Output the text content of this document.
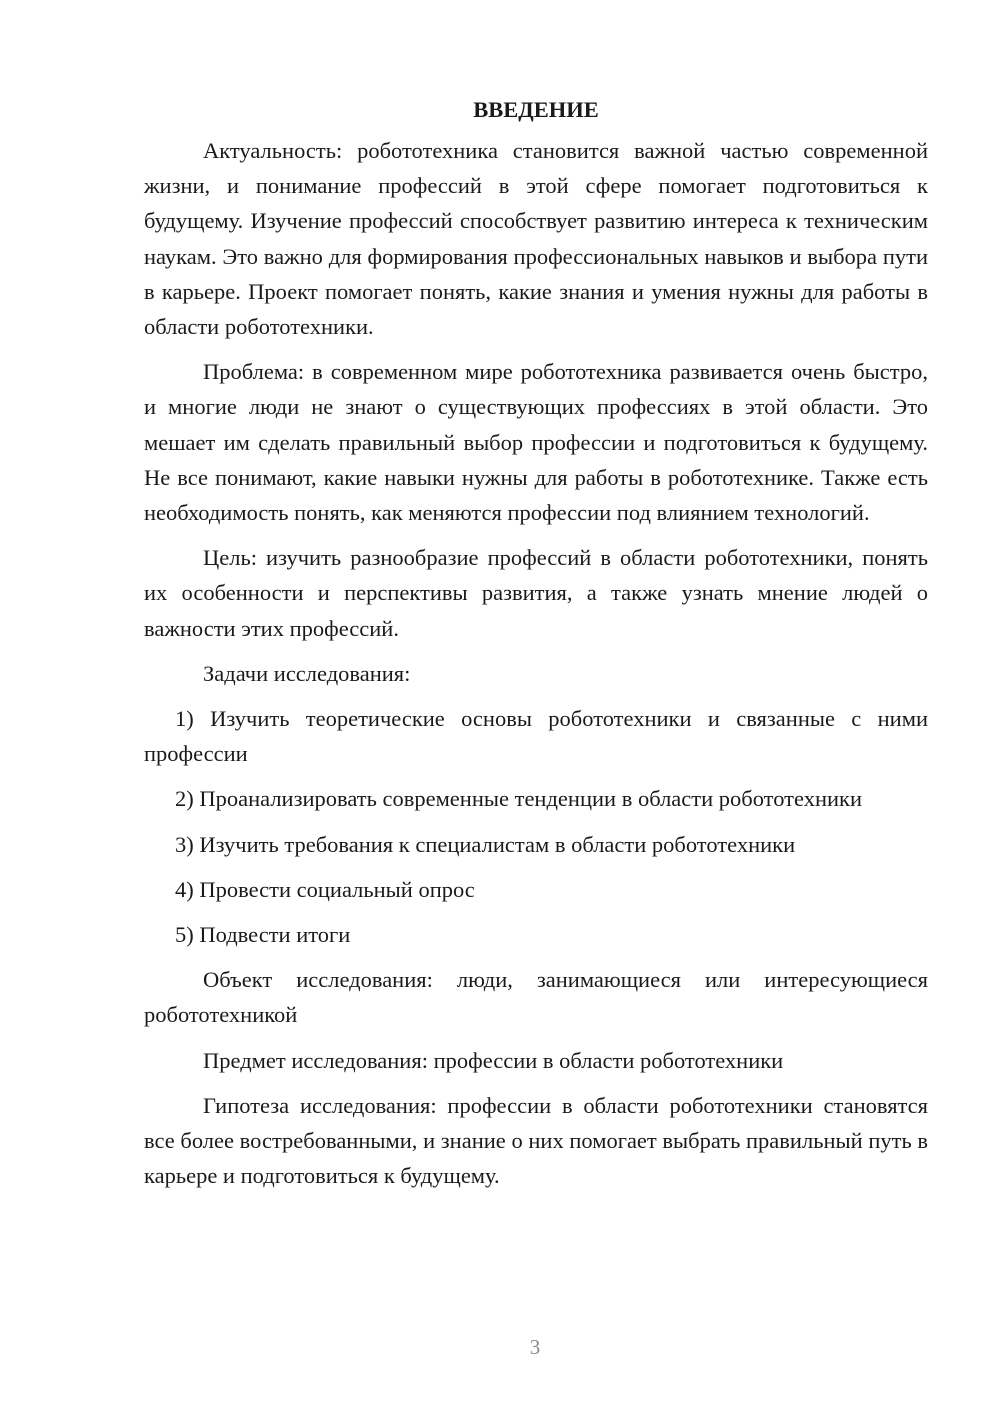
ВВЕДЕНИЕ

Актуальность: робототехника становится важной частью современной жизни, и понимание профессий в этой сфере помогает подготовиться к будущему. Изучение профессий способствует развитию интереса к техническим наукам. Это важно для формирования профессиональных навыков и выбора пути в карьере. Проект помогает понять, какие знания и умения нужны для работы в области робототехники.

Проблема: в современном мире робототехника развивается очень быстро, и многие люди не знают о существующих профессиях в этой области. Это мешает им сделать правильный выбор профессии и подготовиться к будущему. Не все понимают, какие навыки нужны для работы в робототехнике. Также есть необходимость понять, как меняются профессии под влиянием технологий.

Цель: изучить разнообразие профессий в области робототехники, понять их особенности и перспективы развития, а также узнать мнение людей о важности этих профессий.

Задачи исследования:

1) Изучить теоретические основы робототехники и связанные с ними профессии

2) Проанализировать современные тенденции в области робототехники

3) Изучить требования к специалистам в области робототехники

4) Провести социальный опрос

5) Подвести итоги

Объект исследования: люди, занимающиеся или интересующиеся робототехникой

Предмет исследования: профессии в области робототехники

Гипотеза исследования: профессии в области робототехники становятся все более востребованными, и знание о них помогает выбрать правильный путь в карьере и подготовиться к будущему.

3
